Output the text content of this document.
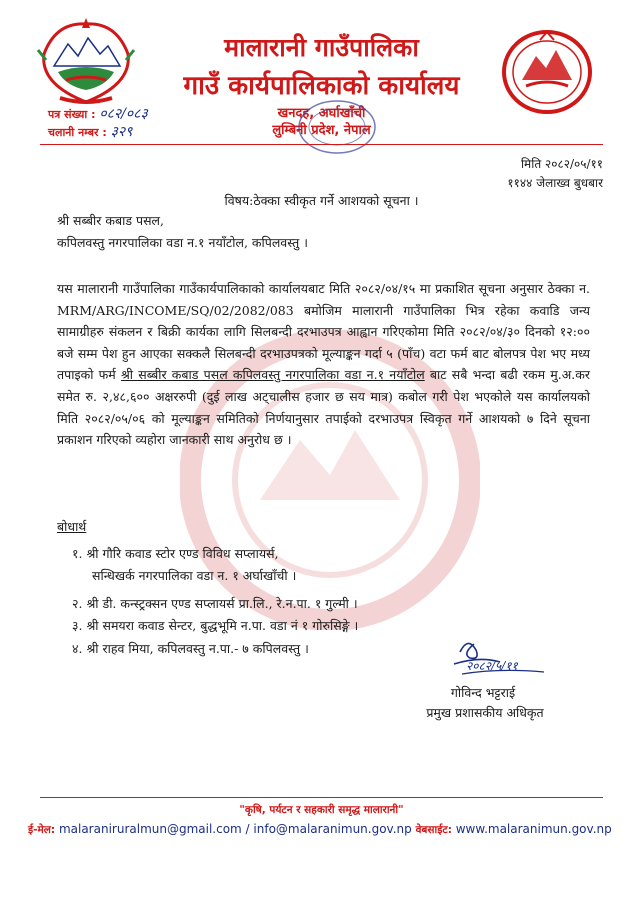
मालारानी गाउँपालिका
गाउँ कार्यपालिकाको कार्यालय
खनदह, अर्घाखाँची
लुम्बिनी प्रदेश, नेपाल
पत्र संख्या : ०८२/०८३
चलानी नम्बर : ३२९
मिति २०८२/०५/११
११४४ जेलाख्व बुधबार
विषय:ठेक्का स्वीकृत गर्ने आशयको सूचना ।
श्री सब्बीर कबाड पसल,
कपिलवस्तु नगरपालिका वडा न.१ नयाँटोल, कपिलवस्तु ।
यस मालारानी गाउँपालिका गाउँकार्यपालिकाको कार्यालयबाट मिति २०८२/०४/१५ मा प्रकाशित सूचना अनुसार ठेक्का न. MRM/ARG/INCOME/SQ/02/2082/083 बमोजिम मालारानी गाउँपालिका भित्र रहेका कवाडि जन्य सामाग्रीहरु संकलन र बिक्री कार्यका लागि सिलबन्दी दरभाउपत्र आह्वान गरिएकोमा मिति २०८२/०४/३० दिनको १२:०० बजे सम्म पेश हुन आएका सक्कलै सिलबन्दी दरभाउपत्रको मूल्याङ्कन गर्दा ५ (पाँच) वटा फर्म बाट बोलपत्र पेश भए मध्य तपाइको फर्म श्री सब्बीर कबाड पसल कपिलवस्तु नगरपालिका वडा न.१ नयाँटोल बाट सबै भन्दा बढी रकम मु.अ.कर समेत रु. २,४८,६०० अक्षररुपी (दुई लाख अट्चालीस हजार छ सय मात्र) कबोल गरी पेश भएकोले यस कार्यालयको मिति २०८२/०५/०६ को मूल्याङ्कन समितिको निर्णयानुसार तपाईको दरभाउपत्र स्विकृत गर्ने आशयको ७ दिने सूचना प्रकाशन गरिएको व्यहोरा जानकारी साथ अनुरोध छ ।
बोधार्थ
१. श्री गौरि कवाड स्टोर एण्ड विविध सप्लायर्स,
सन्धिखर्क नगरपालिका वडा न. १ अर्घाखाँची ।
२. श्री डी. कन्स्ट्रक्सन एण्ड सप्लायर्स प्रा.लि., रे.न.पा. १ गुल्मी ।
३. श्री समयरा कवाड सेन्टर, बुद्धभूमि न.पा. वडा नं १ गोरुसिङ्गे ।
४. श्री राहव मिया, कपिलवस्तु न.पा.- ७ कपिलवस्तु ।
२०८२/५/११
गोविन्द भट्टराई
प्रमुख प्रशासकीय अधिकृत
"कृषि, पर्यटन र सहकारी समृद्ध मालारानी"
ई-मेल: malaraniruralmun@gmail.com / info@malaranimun.gov.np वेबसाईट: www.malaranimun.gov.np
